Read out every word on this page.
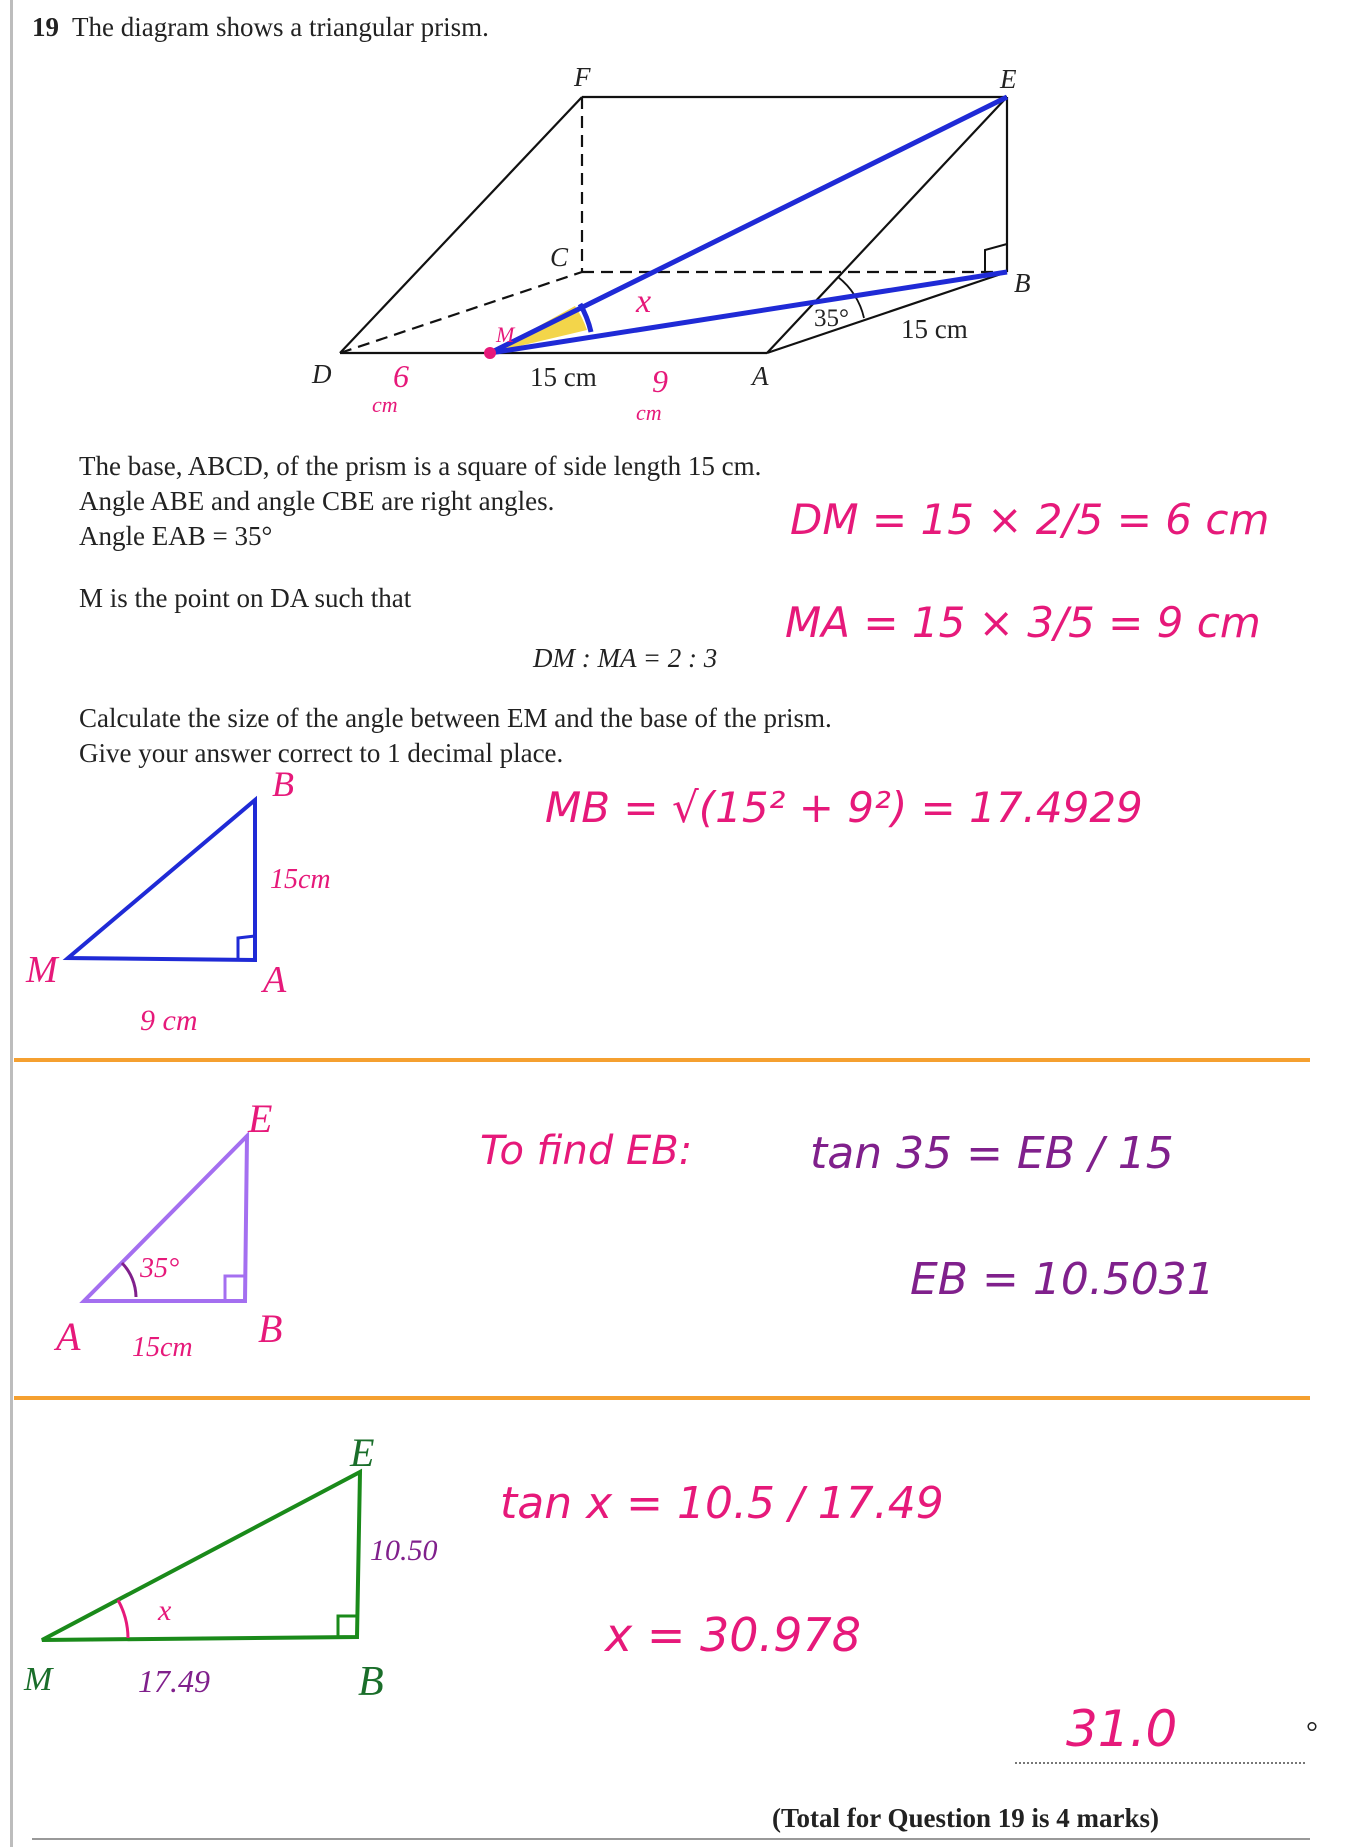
19 The diagram shows a triangular prism.
F	E
C
B
D	A
35°
15 cm
15 cm
M
6
cm
9
cm
x
The base, ABCD, of the prism is a square of side length 15 cm.
Angle ABE and angle CBE are right angles.
Angle EAB = 35°
M is the point on DA such that
DM : MA = 2 : 3
Calculate the size of the angle between EM and the base of the prism.
Give your answer correct to 1 decimal place.
DM = 15 × 2/5 = 6 cm
MA = 15 × 3/5 = 9 cm
MB = √(15² + 9²) = 17.4929
B
M	A
15cm
9 cm
E
A	B
35°
15cm
To find EB:	tan 35 = EB / 15
EB = 10.5031
E
M	B
10.50
17.49
x
tan x = 10.5 / 17.49
x = 30.978
31.0	°
(Total for Question 19 is 4 marks)
